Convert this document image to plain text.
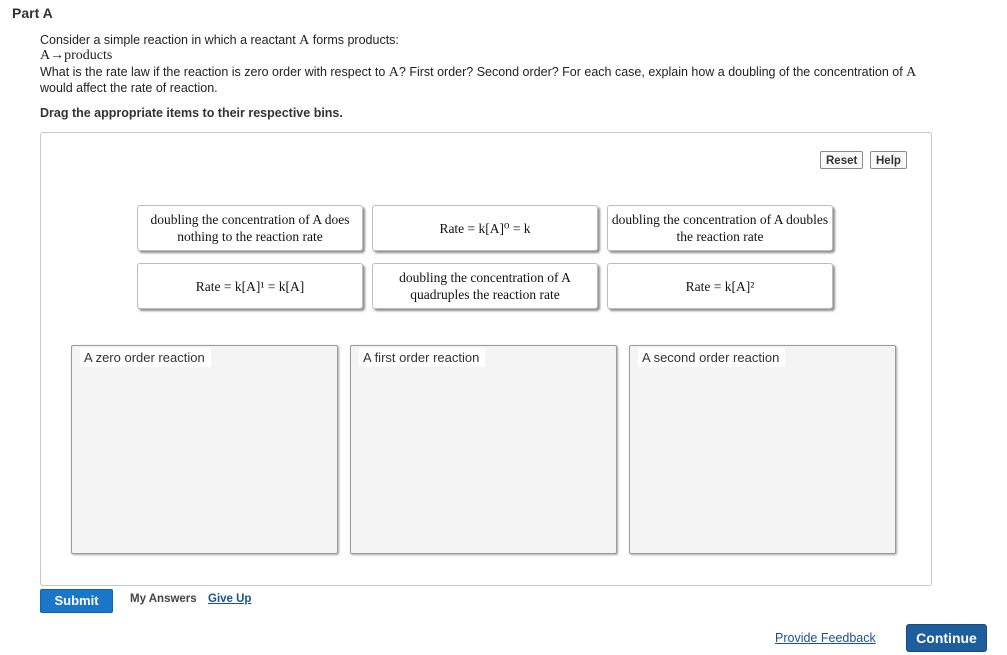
Part A
Consider a simple reaction in which a reactant A forms products:
A→products
What is the rate law if the reaction is zero order with respect to A? First order? Second order? For each case, explain how a doubling of the concentration of A
would affect the rate of reaction.
Drag the appropriate items to their respective bins.
Reset	Help
doubling the concentration of A does nothing to the reaction rate
Rate = k[A]⁰ = k
doubling the concentration of A doubles the reaction rate
Rate = k[A]¹ = k[A]
doubling the concentration of A quadruples the reaction rate
Rate = k[A]²
A zero order reaction	A first order reaction	A second order reaction
Submit	My Answers Give Up
Provide Feedback	Continue
